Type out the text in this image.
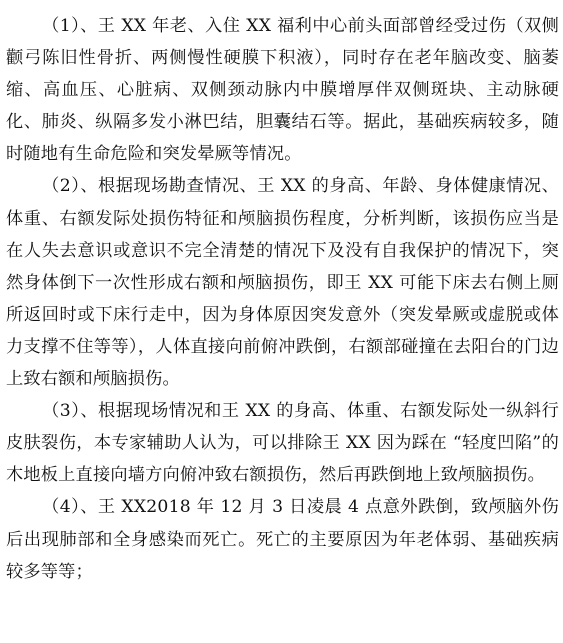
（1）、王 XX 年老、入住 XX 福利中心前头面部曾经受过伤（双侧颧弓陈旧性骨折、两侧慢性硬膜下积液），同时存在老年脑改变、脑萎缩、高血压、心脏病、双侧颈动脉内中膜增厚伴双侧斑块、主动脉硬化、肺炎、纵隔多发小淋巴结，胆囊结石等。据此，基础疾病较多，随时随地有生命危险和突发晕厥等情况。

（2）、根据现场勘查情况、王 XX 的身高、年龄、身体健康情况、体重、右额发际处损伤特征和颅脑损伤程度，分析判断，该损伤应当是在人失去意识或意识不完全清楚的情况下及没有自我保护的情况下，突然身体倒下一次性形成右额和颅脑损伤，即王 XX 可能下床去右侧上厕所返回时或下床行走中，因为身体原因突发意外（突发晕厥或虚脱或体力支撑不住等等），人体直接向前俯冲跌倒，右额部碰撞在去阳台的门边上致右额和颅脑损伤。

（3）、根据现场情况和王 XX 的身高、体重、右额发际处一纵斜行皮肤裂伤，本专家辅助人认为，可以排除王 XX 因为踩在 “轻度凹陷”的木地板上直接向墙方向俯冲致右额损伤，然后再跌倒地上致颅脑损伤。

（4）、王 XX2018 年 12 月 3 日凌晨 4 点意外跌倒，致颅脑外伤后出现肺部和全身感染而死亡。死亡的主要原因为年老体弱、基础疾病较多等等；
